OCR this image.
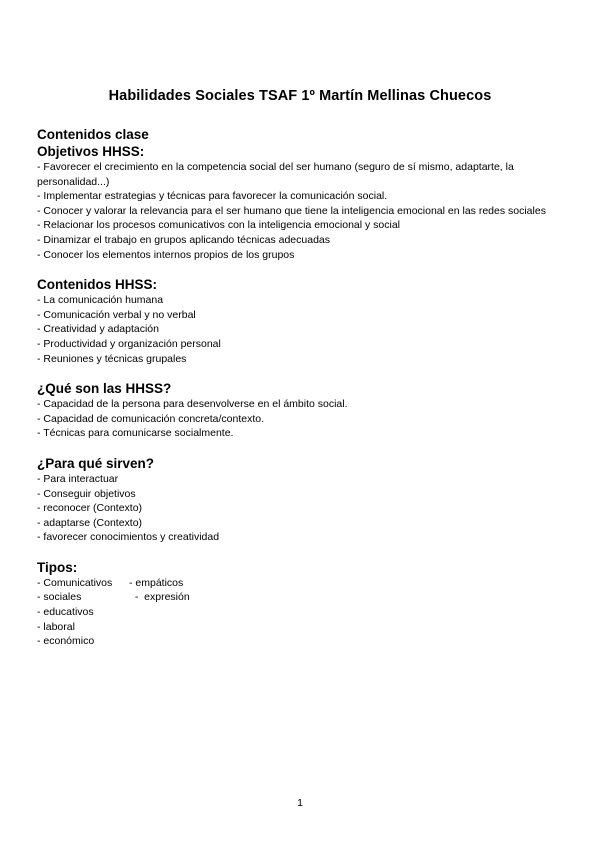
Habilidades Sociales TSAF 1º Martín Mellinas Chuecos

Contenidos clase

Objetivos HHSS:

- Favorecer el crecimiento en la competencia social del ser humano (seguro de sí mismo, adaptarte, la personalidad...)
- Implementar estrategias y técnicas para favorecer la comunicación social.
- Conocer y valorar la relevancia para el ser humano que tiene la inteligencia emocional en las redes sociales
- Relacionar los procesos comunicativos con la inteligencia emocional y social
- Dinamizar el trabajo en grupos aplicando técnicas adecuadas
- Conocer los elementos internos propios de los grupos

Contenidos HHSS:

- La comunicación humana
- Comunicación verbal y no verbal
- Creatividad y adaptación
- Productividad y organización personal
- Reuniones y técnicas grupales

¿Qué son las HHSS?

- Capacidad de la persona para desenvolverse en el ámbito social.
- Capacidad de comunicación concreta/contexto.
- Técnicas para comunicarse socialmente.

¿Para qué sirven?

- Para interactuar
- Conseguir objetivos
- reconocer (Contexto)
- adaptarse (Contexto)
- favorecer conocimientos y creatividad

Tipos:

- Comunicativos	- empáticos
- sociales	-  expresión
- educativos
- laboral
- económico
1
